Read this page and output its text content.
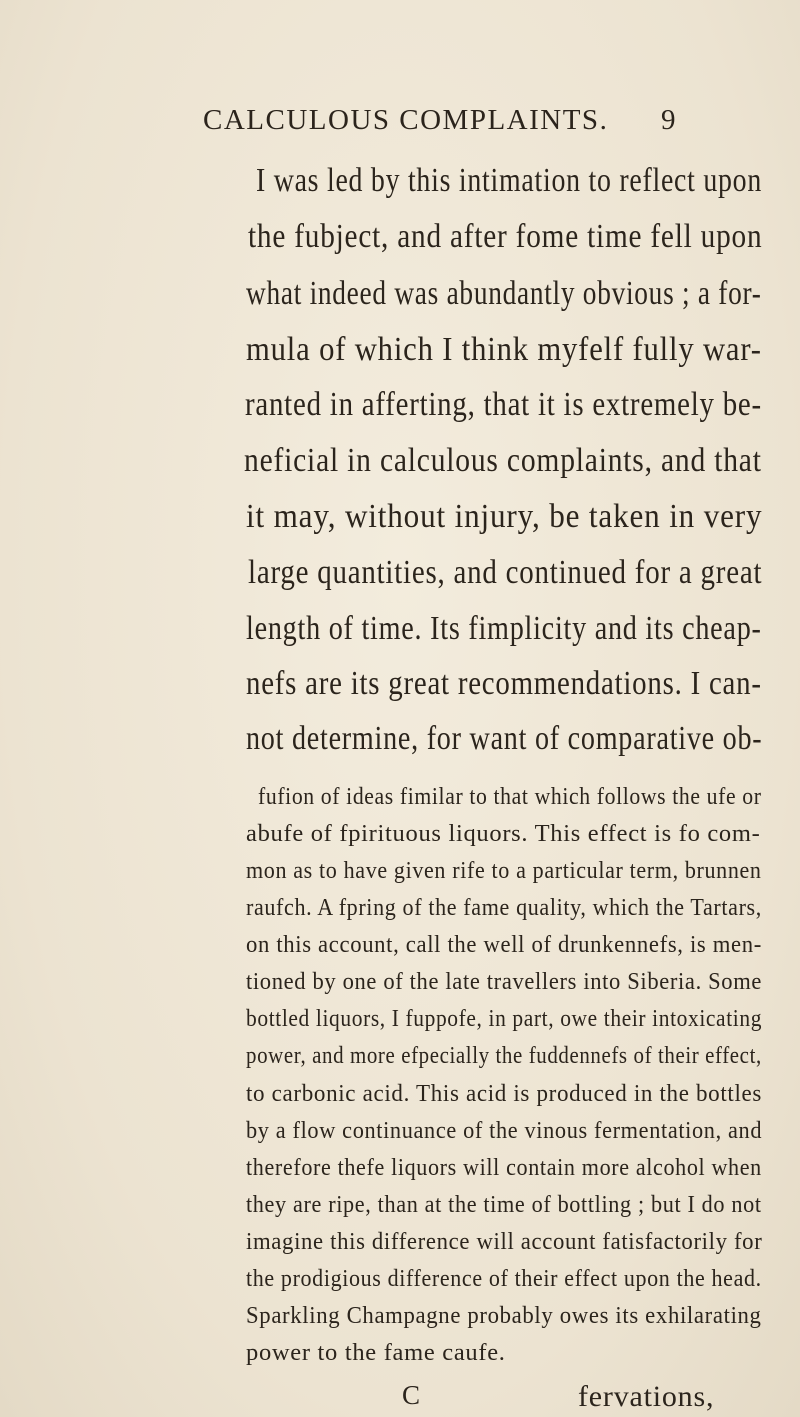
CALCULOUS COMPLAINTS. 9
I was led by this intimation to reflect upon
the fubject, and after fome time fell upon
what indeed was abundantly obvious ; a for-
mula of which I think myfelf fully war-
ranted in afferting, that it is extremely be-
neficial in calculous complaints, and that
it may, without injury, be taken in very
large quantities, and continued for a great
length of time. Its fimplicity and its cheap-
nefs are its great recommendations. I can-
not determine, for want of comparative ob-
fufion of ideas fimilar to that which follows the ufe or
abufe of fpirituous liquors. This effect is fo com-
mon as to have given rife to a particular term, brunnen
raufch. A fpring of the fame quality, which the Tartars,
on this account, call the well of drunkennefs, is men-
tioned by one of the late travellers into Siberia. Some
bottled liquors, I fuppofe, in part, owe their intoxicating
power, and more efpecially the fuddennefs of their effect,
to carbonic acid. This acid is produced in the bottles
by a flow continuance of the vinous fermentation, and
therefore thefe liquors will contain more alcohol when
they are ripe, than at the time of bottling ; but I do not
imagine this difference will account fatisfactorily for
the prodigious difference of their effect upon the head.
Sparkling Champagne probably owes its exhilarating
power to the fame caufe.
C	fervations,
